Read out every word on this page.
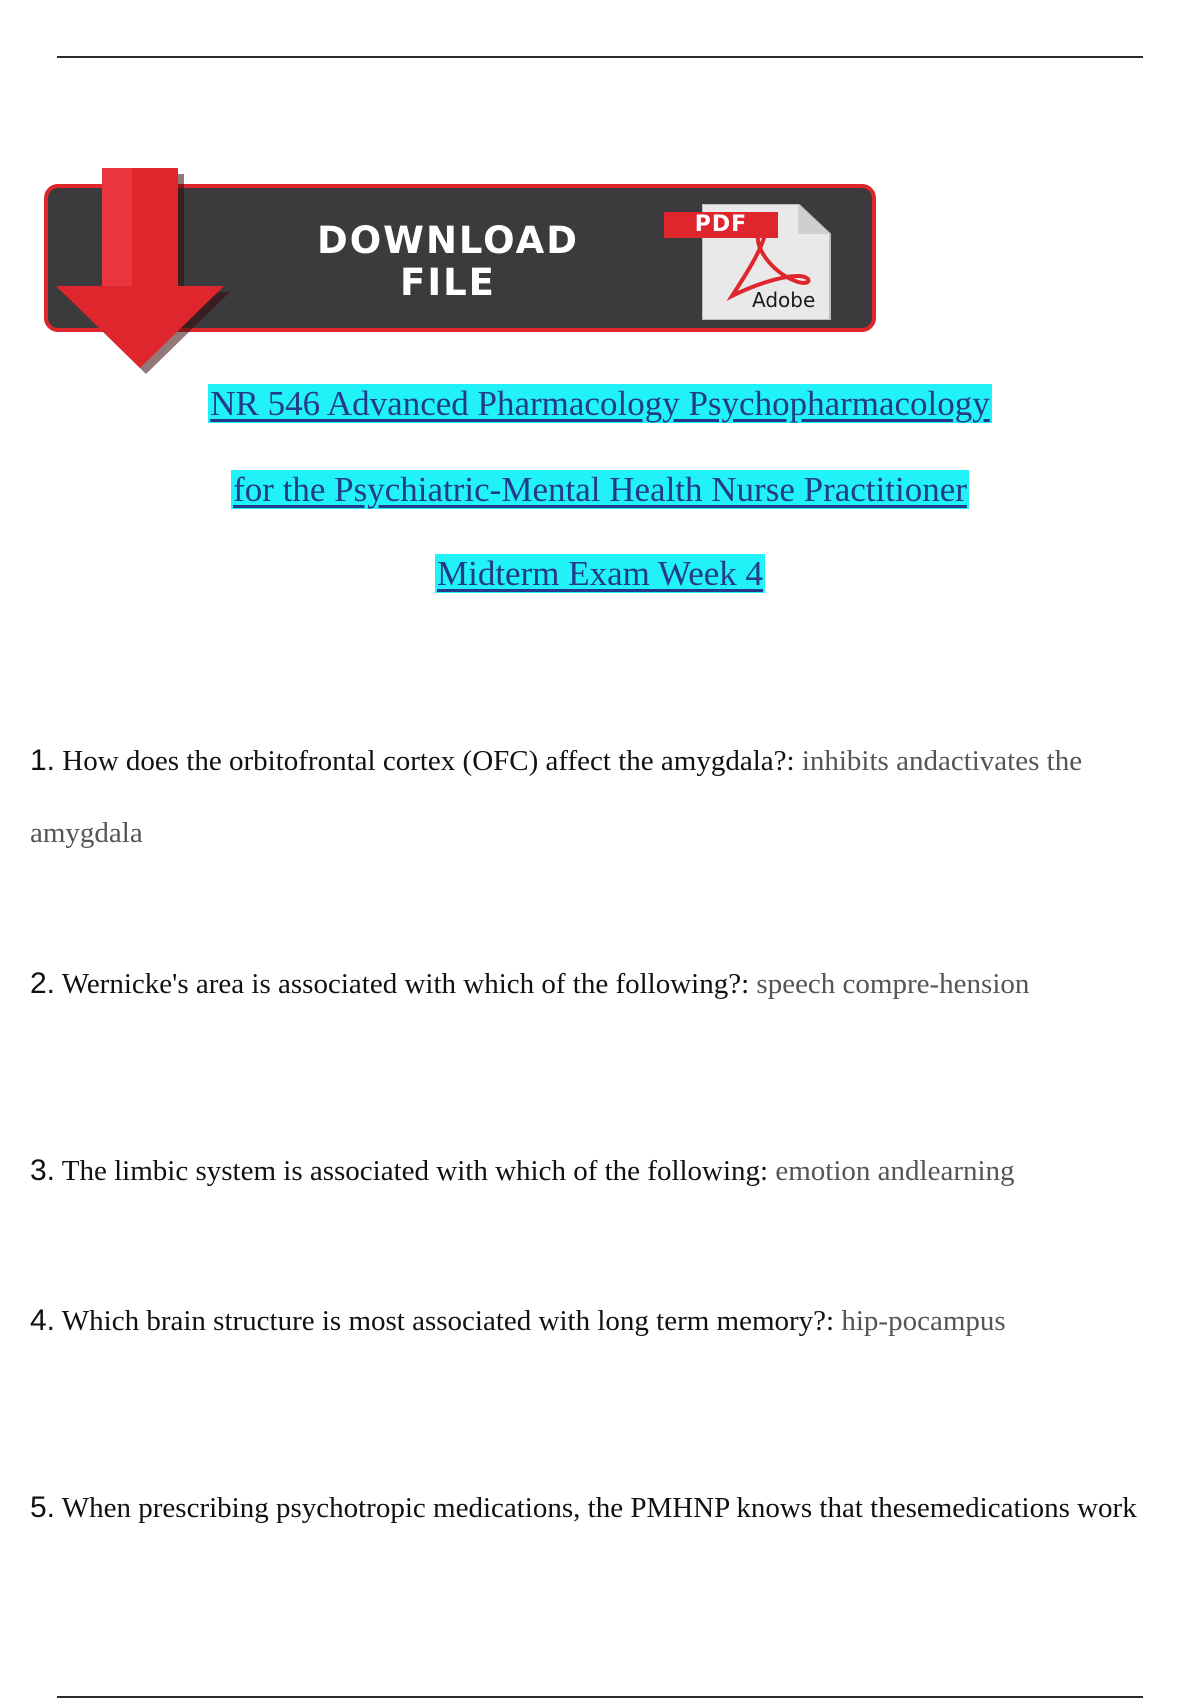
DOWNLOAD
FILE
PDF
Adobe
NR 546 Advanced Pharmacology Psychopharmacology
for the Psychiatric-Mental Health Nurse Practitioner
Midterm Exam Week 4
1. How does the orbitofrontal cortex (OFC) affect the amygdala?: inhibits andactivates the
amygdala
2. Wernicke's area is associated with which of the following?: speech compre-hension
3. The limbic system is associated with which of the following: emotion andlearning
4. Which brain structure is most associated with long term memory?: hip-pocampus
5. When prescribing psychotropic medications, the PMHNP knows that thesemedications work
